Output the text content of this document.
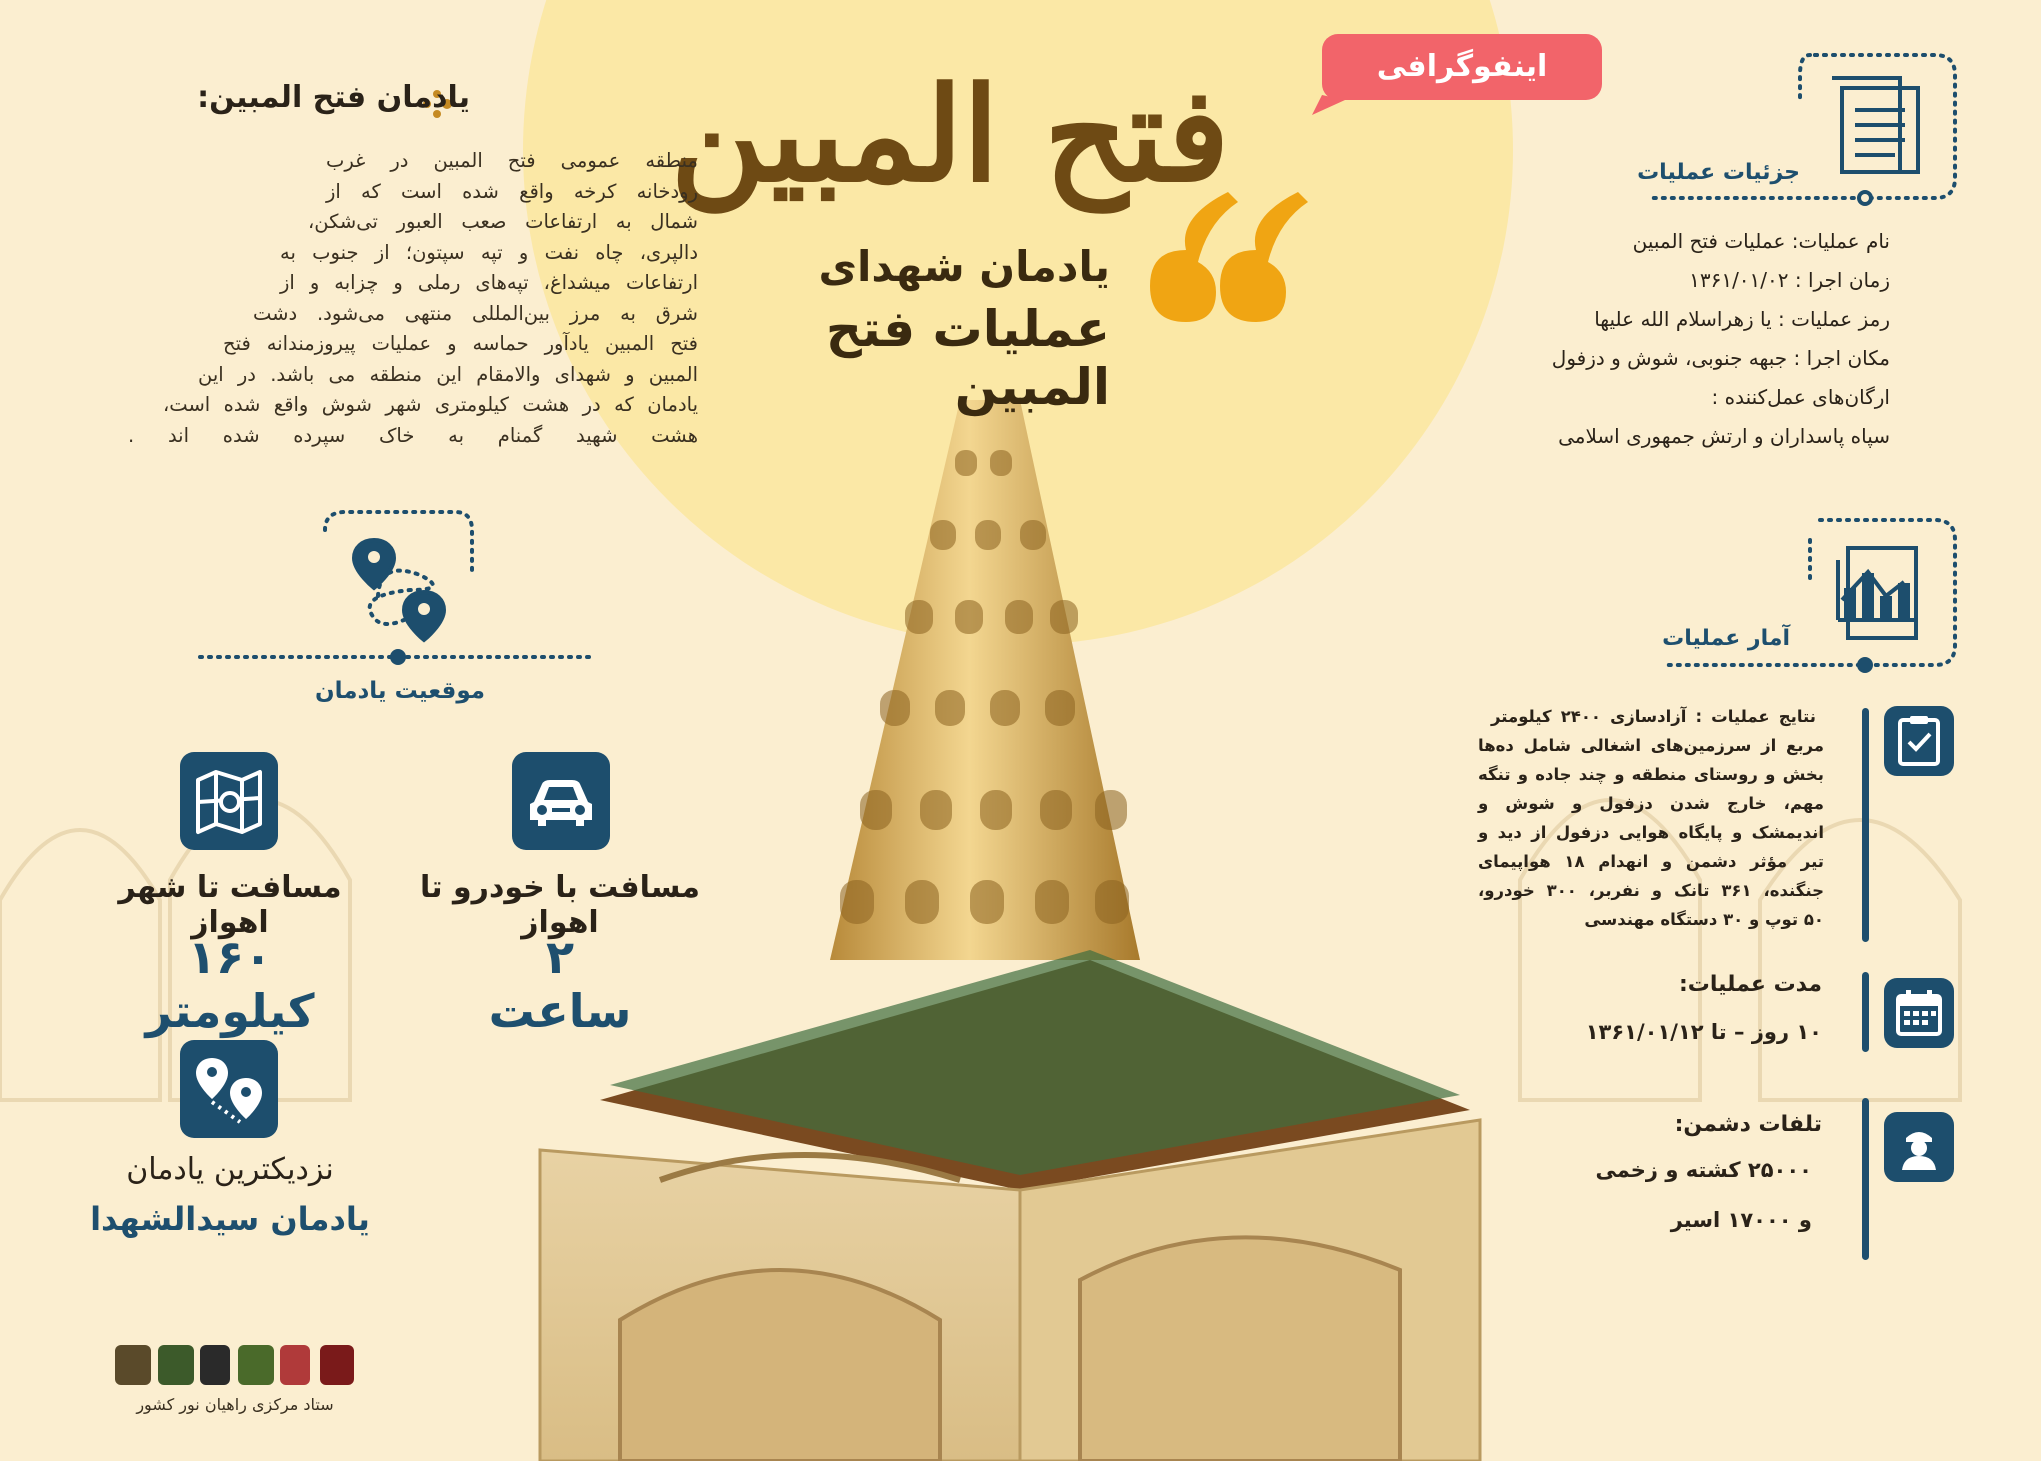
اینفوگرافی
فتح المبین
یادمان شهدای
عملیات فتح المبین
یادمان فتح المبین:
منطقه عمومی فتح المبین در غرب
رودخانه کرخه واقع شده است که از
شمال به ارتفاعات صعب العبور تی‌شکن،
دالپری، چاه نفت و تپه سپتون؛ از جنوب به
ارتفاعات میشداغ، تپه‌های رملی و چزابه و از
شرق به مرز بین‌المللی منتهی می‌شود. دشت
فتح المبین یادآور حماسه و عملیات پیروزمندانه فتح
المبین و شهدای والامقام این منطقه می باشد. در این
یادمان که در هشت کیلومتری شهر شوش واقع شده است،
هشت شهید گمنام به خاک سپرده شده اند .
موقعیت یادمان
مسافت تا شهر اهواز
۱۶۰ کیلومتر
مسافت با خودرو تا اهواز
۲ ساعت
نزدیکترین یادمان
یادمان سیدالشهدا
ستاد مرکزی راهیان نور کشور
جزئیات عملیات
نام عملیات: عملیات فتح المبین
زمان اجرا : ۱۳۶۱/۰۱/۰۲
رمز عملیات : یا زهراسلام الله علیها
مکان اجرا : جبهه جنوبی، شوش و دزفول
ارگان‌های عمل‌کننده :
سپاه پاسداران و ارتش جمهوری اسلامی
آمار عملیات
نتایج عملیات : آزادسازی ۲۴۰۰ کیلومتر
مربع از سرزمین‌های اشغالی شامل ده‌ها
بخش و روستای منطقه و چند جاده و تنگه
مهم، خارج شدن دزفول و شوش و
اندیمشک و پایگاه هوایی دزفول از دید و
تیر مؤثر دشمن و انهدام ۱۸ هواپیمای
جنگنده، ۳۶۱ تانک و نفربر، ۳۰۰ خودرو،
۵۰ توپ و ۳۰ دستگاه مهندسی
مدت عملیات:
۱۰ روز – تا ۱۳۶۱/۰۱/۱۲
تلفات دشمن:
۲۵۰۰۰ کشته و زخمی
و ۱۷۰۰۰ اسیر
